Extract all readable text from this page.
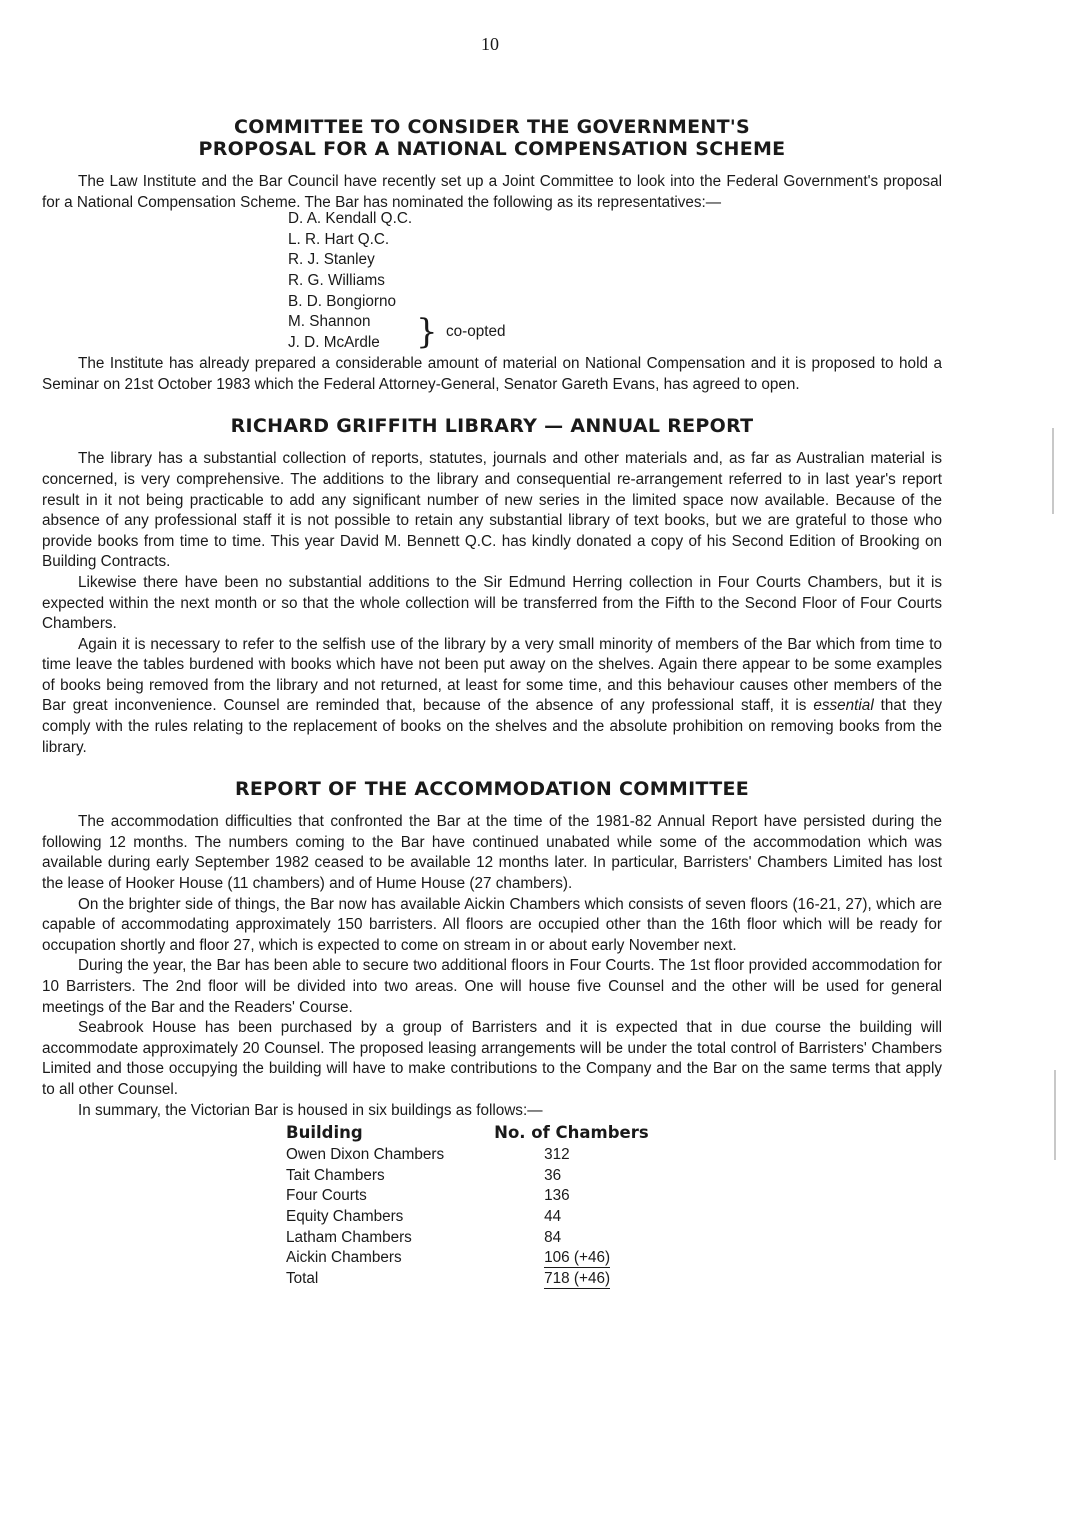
10
COMMITTEE TO CONSIDER THE GOVERNMENT'S
PROPOSAL FOR A NATIONAL COMPENSATION SCHEME

The Law Institute and the Bar Council have recently set up a Joint Committee to look into the Federal Government's proposal for a National Compensation Scheme. The Bar has nominated the following as its representatives:—

D. A. Kendall Q.C.
L. R. Hart Q.C.
R. J. Stanley
R. G. Williams
B. D. Bongiorno
M. Shannon
J. D. McArdle } co-opted

The Institute has already prepared a considerable amount of material on National Compensation and it is proposed to hold a Seminar on 21st October 1983 which the Federal Attorney-General, Senator Gareth Evans, has agreed to open.

RICHARD GRIFFITH LIBRARY — ANNUAL REPORT

The library has a substantial collection of reports, statutes, journals and other materials and, as far as Australian material is concerned, is very comprehensive. The additions to the library and consequential re-arrangement referred to in last year's report result in it not being practicable to add any significant number of new series in the limited space now available. Because of the absence of any professional staff it is not possible to retain any substantial library of text books, but we are grateful to those who provide books from time to time. This year David M. Bennett Q.C. has kindly donated a copy of his Second Edition of Brooking on Building Contracts.

Likewise there have been no substantial additions to the Sir Edmund Herring collection in Four Courts Chambers, but it is expected within the next month or so that the whole collection will be transferred from the Fifth to the Second Floor of Four Courts Chambers.

Again it is necessary to refer to the selfish use of the library by a very small minority of members of the Bar which from time to time leave the tables burdened with books which have not been put away on the shelves. Again there appear to be some examples of books being removed from the library and not returned, at least for some time, and this behaviour causes other members of the Bar great inconvenience. Counsel are reminded that, because of the absence of any professional staff, it is essential that they comply with the rules relating to the replacement of books on the shelves and the absolute prohibition on removing books from the library.

REPORT OF THE ACCOMMODATION COMMITTEE

The accommodation difficulties that confronted the Bar at the time of the 1981-82 Annual Report have persisted during the following 12 months. The numbers coming to the Bar have continued unabated while some of the accommodation which was available during early September 1982 ceased to be available 12 months later. In particular, Barristers' Chambers Limited has lost the lease of Hooker House (11 chambers) and of Hume House (27 chambers).

On the brighter side of things, the Bar now has available Aickin Chambers which consists of seven floors (16-21, 27), which are capable of accommodating approximately 150 barristers. All floors are occupied other than the 16th floor which will be ready for occupation shortly and floor 27, which is expected to come on stream in or about early November next.

During the year, the Bar has been able to secure two additional floors in Four Courts. The 1st floor provided accommodation for 10 Barristers. The 2nd floor will be divided into two areas. One will house five Counsel and the other will be used for general meetings of the Bar and the Readers' Course.

Seabrook House has been purchased by a group of Barristers and it is expected that in due course the building will accommodate approximately 20 Counsel. The proposed leasing arrangements will be under the total control of Barristers' Chambers Limited and those occupying the building will have to make contributions to the Company and the Bar on the same terms that apply to all other Counsel.

In summary, the Victorian Bar is housed in six buildings as follows:—

Building	No. of Chambers
Owen Dixon Chambers	312
Tait Chambers	36
Four Courts	136
Equity Chambers	44
Latham Chambers	84
Aickin Chambers	106 (+46)
Total	718 (+46)
